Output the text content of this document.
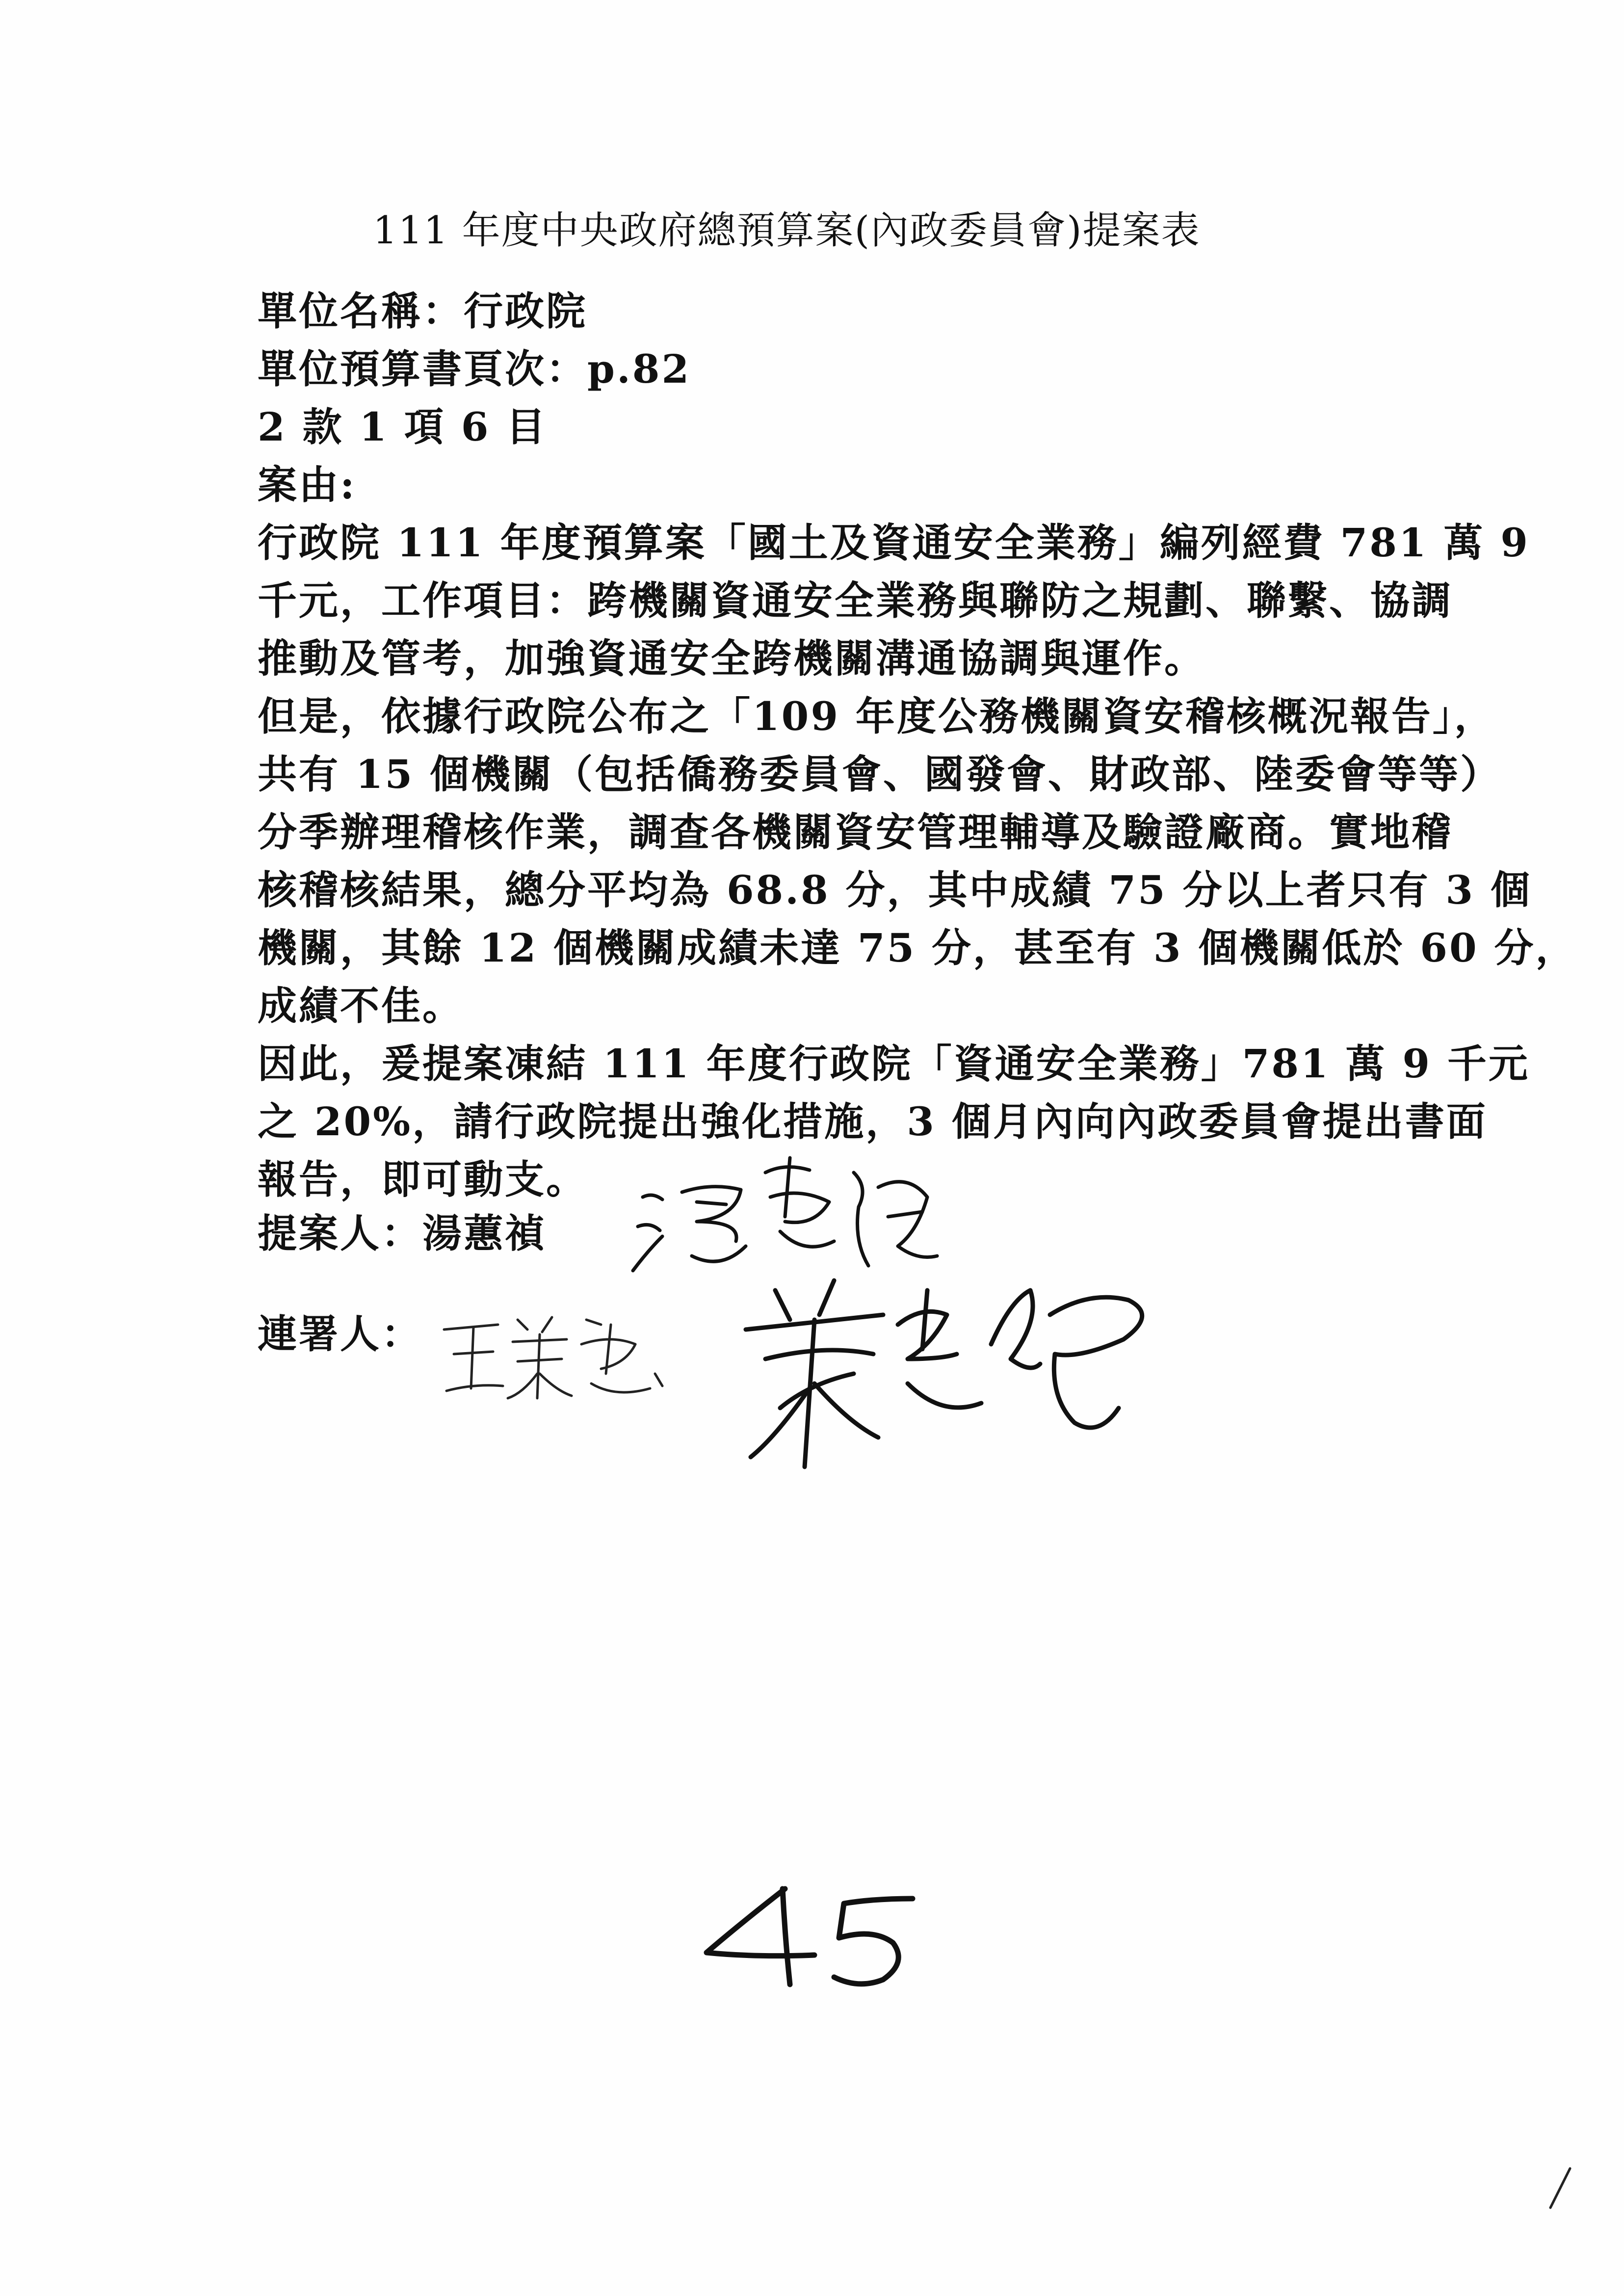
111 年度中央政府總預算案(內政委員會)提案表
單位名稱：行政院
單位預算書頁次：p.82
2 款 1 項 6 目
案由:
行政院 111 年度預算案「國土及資通安全業務」編列經費 781 萬 9
千元，工作項目：跨機關資通安全業務與聯防之規劃、聯繫、協調
推動及管考，加強資通安全跨機關溝通協調與運作。
但是，依據行政院公布之「109 年度公務機關資安稽核概況報告」，
共有 15 個機關（包括僑務委員會、國發會、財政部、陸委會等等）
分季辦理稽核作業，調查各機關資安管理輔導及驗證廠商。實地稽
核稽核結果，總分平均為 68.8 分，其中成績 75 分以上者只有 3 個
機關，其餘 12 個機關成績未達 75 分，甚至有 3 個機關低於 60 分，
成績不佳。
因此，爰提案凍結 111 年度行政院「資通安全業務」781 萬 9 千元
之 20%，請行政院提出強化措施，3 個月內向內政委員會提出書面
報告，即可動支。
提案人：湯蕙禎
連署人：
